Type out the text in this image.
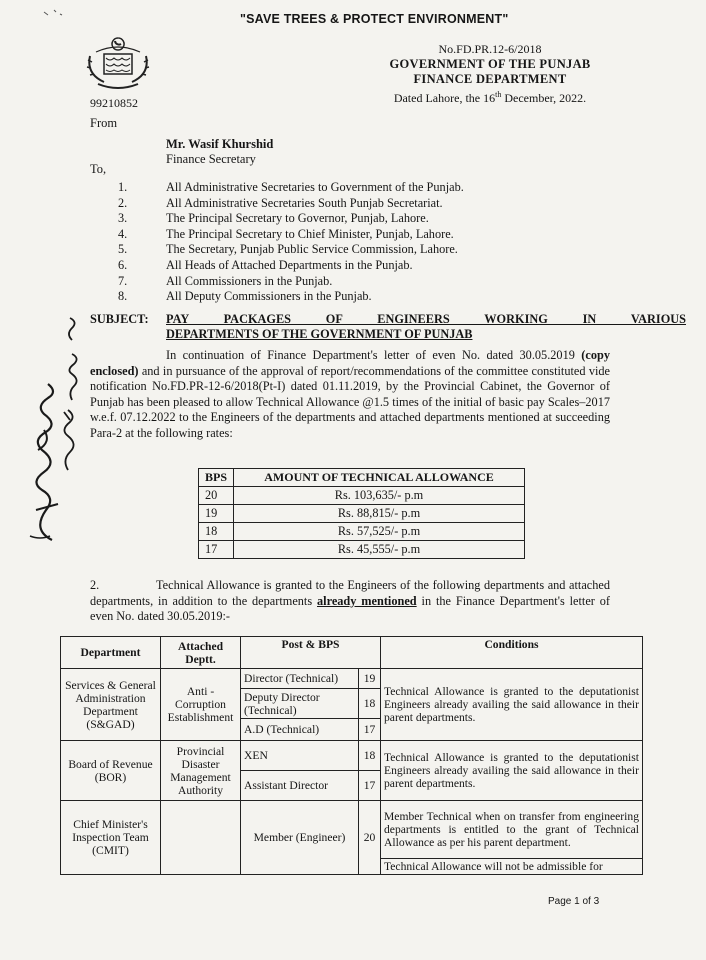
"SAVE TREES & PROTECT ENVIRONMENT"
99210852
No.FD.PR.12-6/2018
GOVERNMENT OF THE PUNJAB
FINANCE DEPARTMENT
Dated Lahore, the 16th December, 2022.
From
Mr. Wasif Khurshid
Finance Secretary
To,
1.	All Administrative Secretaries to Government of the Punjab.
2.	All Administrative Secretaries South Punjab Secretariat.
3.	The Principal Secretary to Governor, Punjab, Lahore.
4.	The Principal Secretary to Chief Minister, Punjab, Lahore.
5.	The Secretary, Punjab Public Service Commission, Lahore.
6.	All Heads of Attached Departments in the Punjab.
7.	All Commissioners in the Punjab.
8.	All Deputy Commissioners in the Punjab.
SUBJECT: PAY PACKAGES OF ENGINEERS WORKING IN VARIOUS
DEPARTMENTS OF THE GOVERNMENT OF PUNJAB
In continuation of Finance Department's letter of even No. dated 30.05.2019 (copy enclosed) and in pursuance of the approval of report/recommendations of the committee constituted vide notification No.FD.PR-12-6/2018(Pt-I) dated 01.11.2019, by the Provincial Cabinet, the Governor of Punjab has been pleased to allow Technical Allowance @1.5 times of the initial of basic pay Scales–2017 w.e.f. 07.12.2022 to the Engineers of the departments and attached departments mentioned at succeeding Para-2 at the following rates:
BPS	AMOUNT OF TECHNICAL ALLOWANCE
20	Rs. 103,635/- p.m
19	Rs. 88,815/- p.m
18	Rs. 57,525/- p.m
17	Rs. 45,555/- p.m
2.	Technical Allowance is granted to the Engineers of the following departments and attached departments, in addition to the departments already mentioned in the Finance Department's letter of even No. dated 30.05.2019:-
Department	Attached Deptt.	Post & BPS		Conditions
Services & General Administration Department (S&GAD)	Anti - Corruption Establishment	Director (Technical)	19	Technical Allowance is granted to the deputationist Engineers already availing the said allowance in their parent departments.
		Deputy Director (Technical)	18	
		A.D (Technical)	17	
Board of Revenue (BOR)	Provincial Disaster Management Authority	XEN	18	Technical Allowance is granted to the deputationist Engineers already availing the said allowance in their parent departments.
		Assistant Director	17	
Chief Minister's Inspection Team (CMIT)		Member (Engineer)	20	Member Technical when on transfer from engineering departments is entitled to the grant of Technical Allowance as per his parent department.
				Technical Allowance will not be admissible for
Page 1 of 3
